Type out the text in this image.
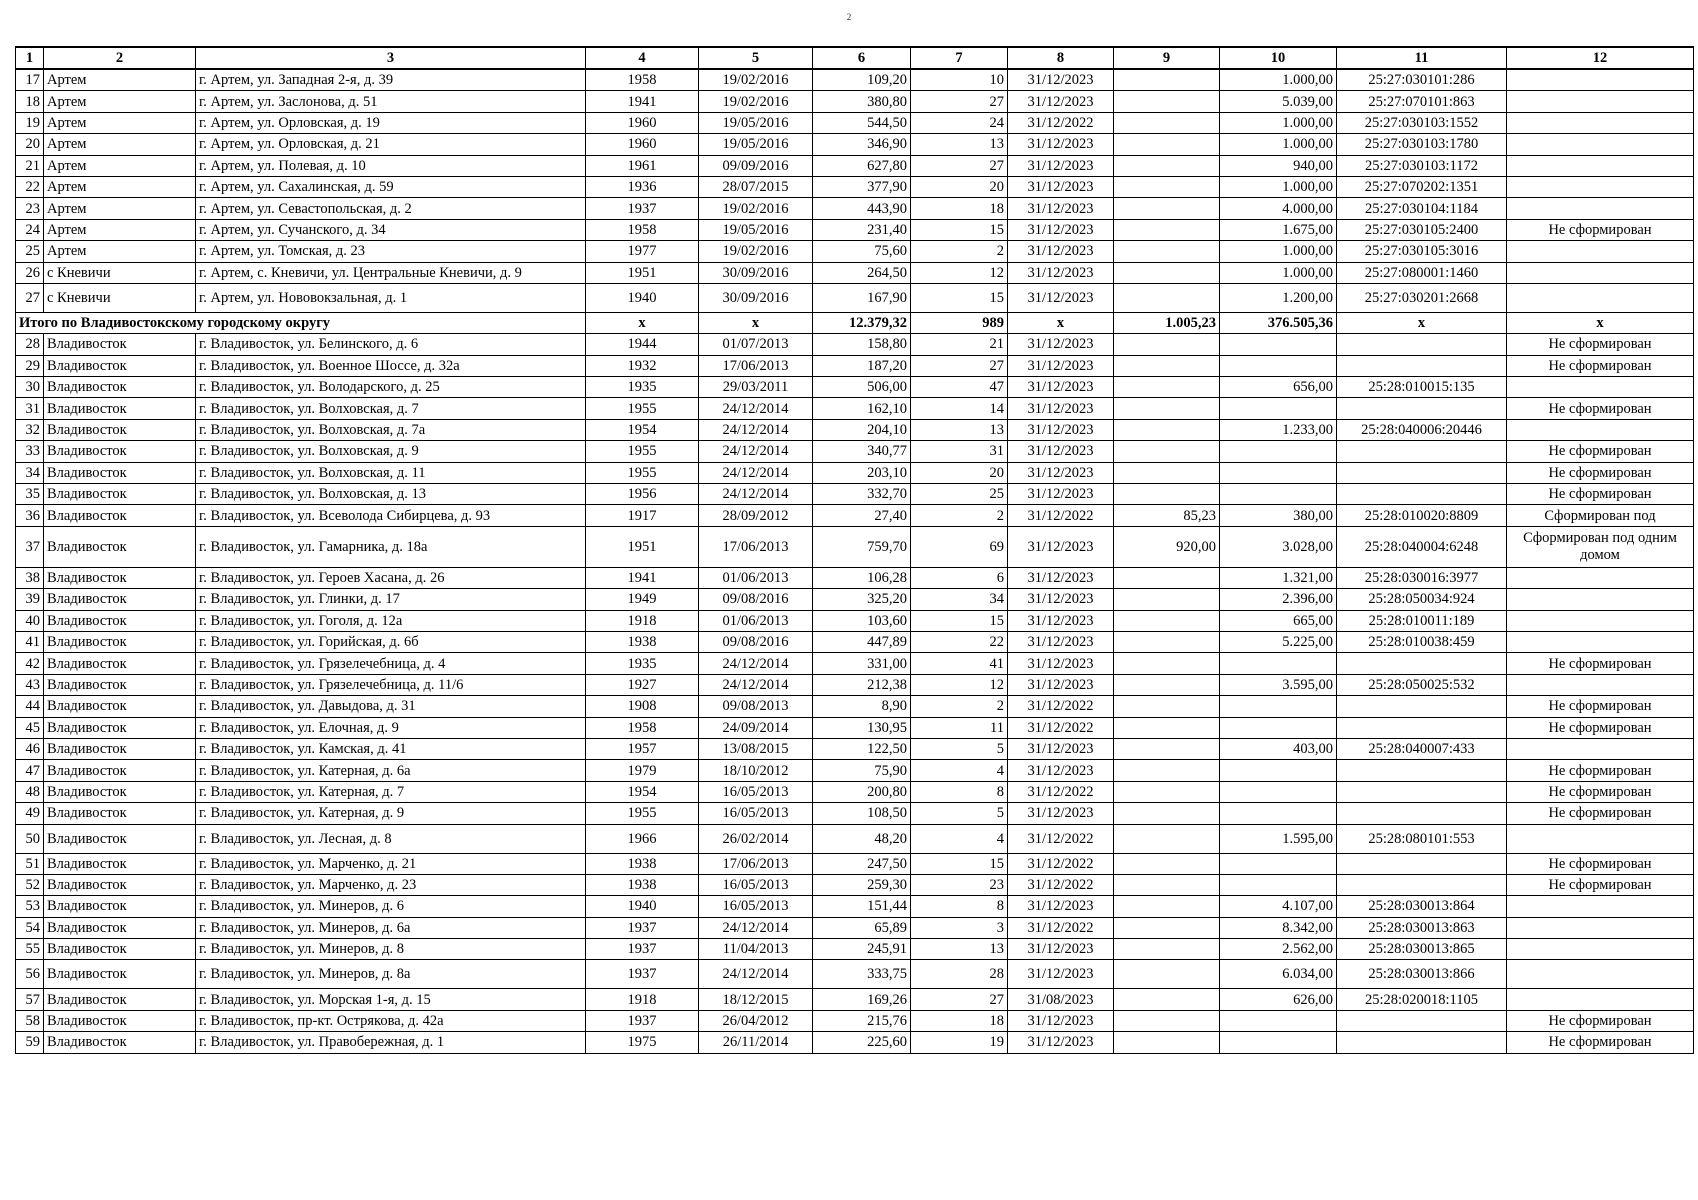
2
1	2	3	4	5	6	7	8	9	10	11	12
17	Артем	г. Артем, ул. Западная 2-я, д. 39	1958	19/02/2016	109,20	10	31/12/2023		1.000,00	25:27:030101:286	
18	Артем	г. Артем, ул. Заслонова, д. 51	1941	19/02/2016	380,80	27	31/12/2023		5.039,00	25:27:070101:863	
19	Артем	г. Артем, ул. Орловская, д. 19	1960	19/05/2016	544,50	24	31/12/2022		1.000,00	25:27:030103:1552	
20	Артем	г. Артем, ул. Орловская, д. 21	1960	19/05/2016	346,90	13	31/12/2023		1.000,00	25:27:030103:1780	
21	Артем	г. Артем, ул. Полевая, д. 10	1961	09/09/2016	627,80	27	31/12/2023		940,00	25:27:030103:1172	
22	Артем	г. Артем, ул. Сахалинская, д. 59	1936	28/07/2015	377,90	20	31/12/2023		1.000,00	25:27:070202:1351	
23	Артем	г. Артем, ул. Севастопольская, д. 2	1937	19/02/2016	443,90	18	31/12/2023		4.000,00	25:27:030104:1184	
24	Артем	г. Артем, ул. Сучанского, д. 34	1958	19/05/2016	231,40	15	31/12/2023		1.675,00	25:27:030105:2400	Не сформирован
25	Артем	г. Артем, ул. Томская, д. 23	1977	19/02/2016	75,60	2	31/12/2023		1.000,00	25:27:030105:3016	
26	с Кневичи	г. Артем, с. Кневичи, ул. Центральные Кневичи, д. 9	1951	30/09/2016	264,50	12	31/12/2023		1.000,00	25:27:080001:1460	
27	с Кневичи	г. Артем, ул. Нововокзальная, д. 1	1940	30/09/2016	167,90	15	31/12/2023		1.200,00	25:27:030201:2668	
Итого по Владивостокскому городскому округу			x	x	12.379,32	989	x	1.005,23	376.505,36	x	x
28	Владивосток	г. Владивосток, ул. Белинского, д. 6	1944	01/07/2013	158,80	21	31/12/2023				Не сформирован
29	Владивосток	г. Владивосток, ул. Военное Шоссе, д. 32а	1932	17/06/2013	187,20	27	31/12/2023				Не сформирован
30	Владивосток	г. Владивосток, ул. Володарского, д. 25	1935	29/03/2011	506,00	47	31/12/2023		656,00	25:28:010015:135	
31	Владивосток	г. Владивосток, ул. Волховская, д. 7	1955	24/12/2014	162,10	14	31/12/2023				Не сформирован
32	Владивосток	г. Владивосток, ул. Волховская, д. 7а	1954	24/12/2014	204,10	13	31/12/2023		1.233,00	25:28:040006:20446	
33	Владивосток	г. Владивосток, ул. Волховская, д. 9	1955	24/12/2014	340,77	31	31/12/2023				Не сформирован
34	Владивосток	г. Владивосток, ул. Волховская, д. 11	1955	24/12/2014	203,10	20	31/12/2023				Не сформирован
35	Владивосток	г. Владивосток, ул. Волховская, д. 13	1956	24/12/2014	332,70	25	31/12/2023				Не сформирован
36	Владивосток	г. Владивосток, ул. Всеволода Сибирцева, д. 93	1917	28/09/2012	27,40	2	31/12/2022	85,23	380,00	25:28:010020:8809	Сформирован под
37	Владивосток	г. Владивосток, ул. Гамарника, д. 18а	1951	17/06/2013	759,70	69	31/12/2023	920,00	3.028,00	25:28:040004:6248	Сформирован под одним домом
38	Владивосток	г. Владивосток, ул. Героев Хасана, д. 26	1941	01/06/2013	106,28	6	31/12/2023		1.321,00	25:28:030016:3977	
39	Владивосток	г. Владивосток, ул. Глинки, д. 17	1949	09/08/2016	325,20	34	31/12/2023		2.396,00	25:28:050034:924	
40	Владивосток	г. Владивосток, ул. Гоголя, д. 12а	1918	01/06/2013	103,60	15	31/12/2023		665,00	25:28:010011:189	
41	Владивосток	г. Владивосток, ул. Горийская, д. 6б	1938	09/08/2016	447,89	22	31/12/2023		5.225,00	25:28:010038:459	
42	Владивосток	г. Владивосток, ул. Грязелечебница, д. 4	1935	24/12/2014	331,00	41	31/12/2023				Не сформирован
43	Владивосток	г. Владивосток, ул. Грязелечебница, д. 11/6	1927	24/12/2014	212,38	12	31/12/2023		3.595,00	25:28:050025:532	
44	Владивосток	г. Владивосток, ул. Давыдова, д. 31	1908	09/08/2013	8,90	2	31/12/2022				Не сформирован
45	Владивосток	г. Владивосток, ул. Елочная, д. 9	1958	24/09/2014	130,95	11	31/12/2022				Не сформирован
46	Владивосток	г. Владивосток, ул. Камская, д. 41	1957	13/08/2015	122,50	5	31/12/2023		403,00	25:28:040007:433	
47	Владивосток	г. Владивосток, ул. Катерная, д. 6а	1979	18/10/2012	75,90	4	31/12/2023				Не сформирован
48	Владивосток	г. Владивосток, ул. Катерная, д. 7	1954	16/05/2013	200,80	8	31/12/2022				Не сформирован
49	Владивосток	г. Владивосток, ул. Катерная, д. 9	1955	16/05/2013	108,50	5	31/12/2023				Не сформирован
50	Владивосток	г. Владивосток, ул. Лесная, д. 8	1966	26/02/2014	48,20	4	31/12/2022		1.595,00	25:28:080101:553	
51	Владивосток	г. Владивосток, ул. Марченко, д. 21	1938	17/06/2013	247,50	15	31/12/2022				Не сформирован
52	Владивосток	г. Владивосток, ул. Марченко, д. 23	1938	16/05/2013	259,30	23	31/12/2022				Не сформирован
53	Владивосток	г. Владивосток, ул. Минеров, д. 6	1940	16/05/2013	151,44	8	31/12/2023		4.107,00	25:28:030013:864	
54	Владивосток	г. Владивосток, ул. Минеров, д. 6а	1937	24/12/2014	65,89	3	31/12/2022		8.342,00	25:28:030013:863	
55	Владивосток	г. Владивосток, ул. Минеров, д. 8	1937	11/04/2013	245,91	13	31/12/2023		2.562,00	25:28:030013:865	
56	Владивосток	г. Владивосток, ул. Минеров, д. 8а	1937	24/12/2014	333,75	28	31/12/2023		6.034,00	25:28:030013:866	
57	Владивосток	г. Владивосток, ул. Морская 1-я, д. 15	1918	18/12/2015	169,26	27	31/08/2023		626,00	25:28:020018:1105	
58	Владивосток	г. Владивосток, пр-кт. Острякова, д. 42а	1937	26/04/2012	215,76	18	31/12/2023				Не сформирован
59	Владивосток	г. Владивосток, ул. Правобережная, д. 1	1975	26/11/2014	225,60	19	31/12/2023				Не сформирован
